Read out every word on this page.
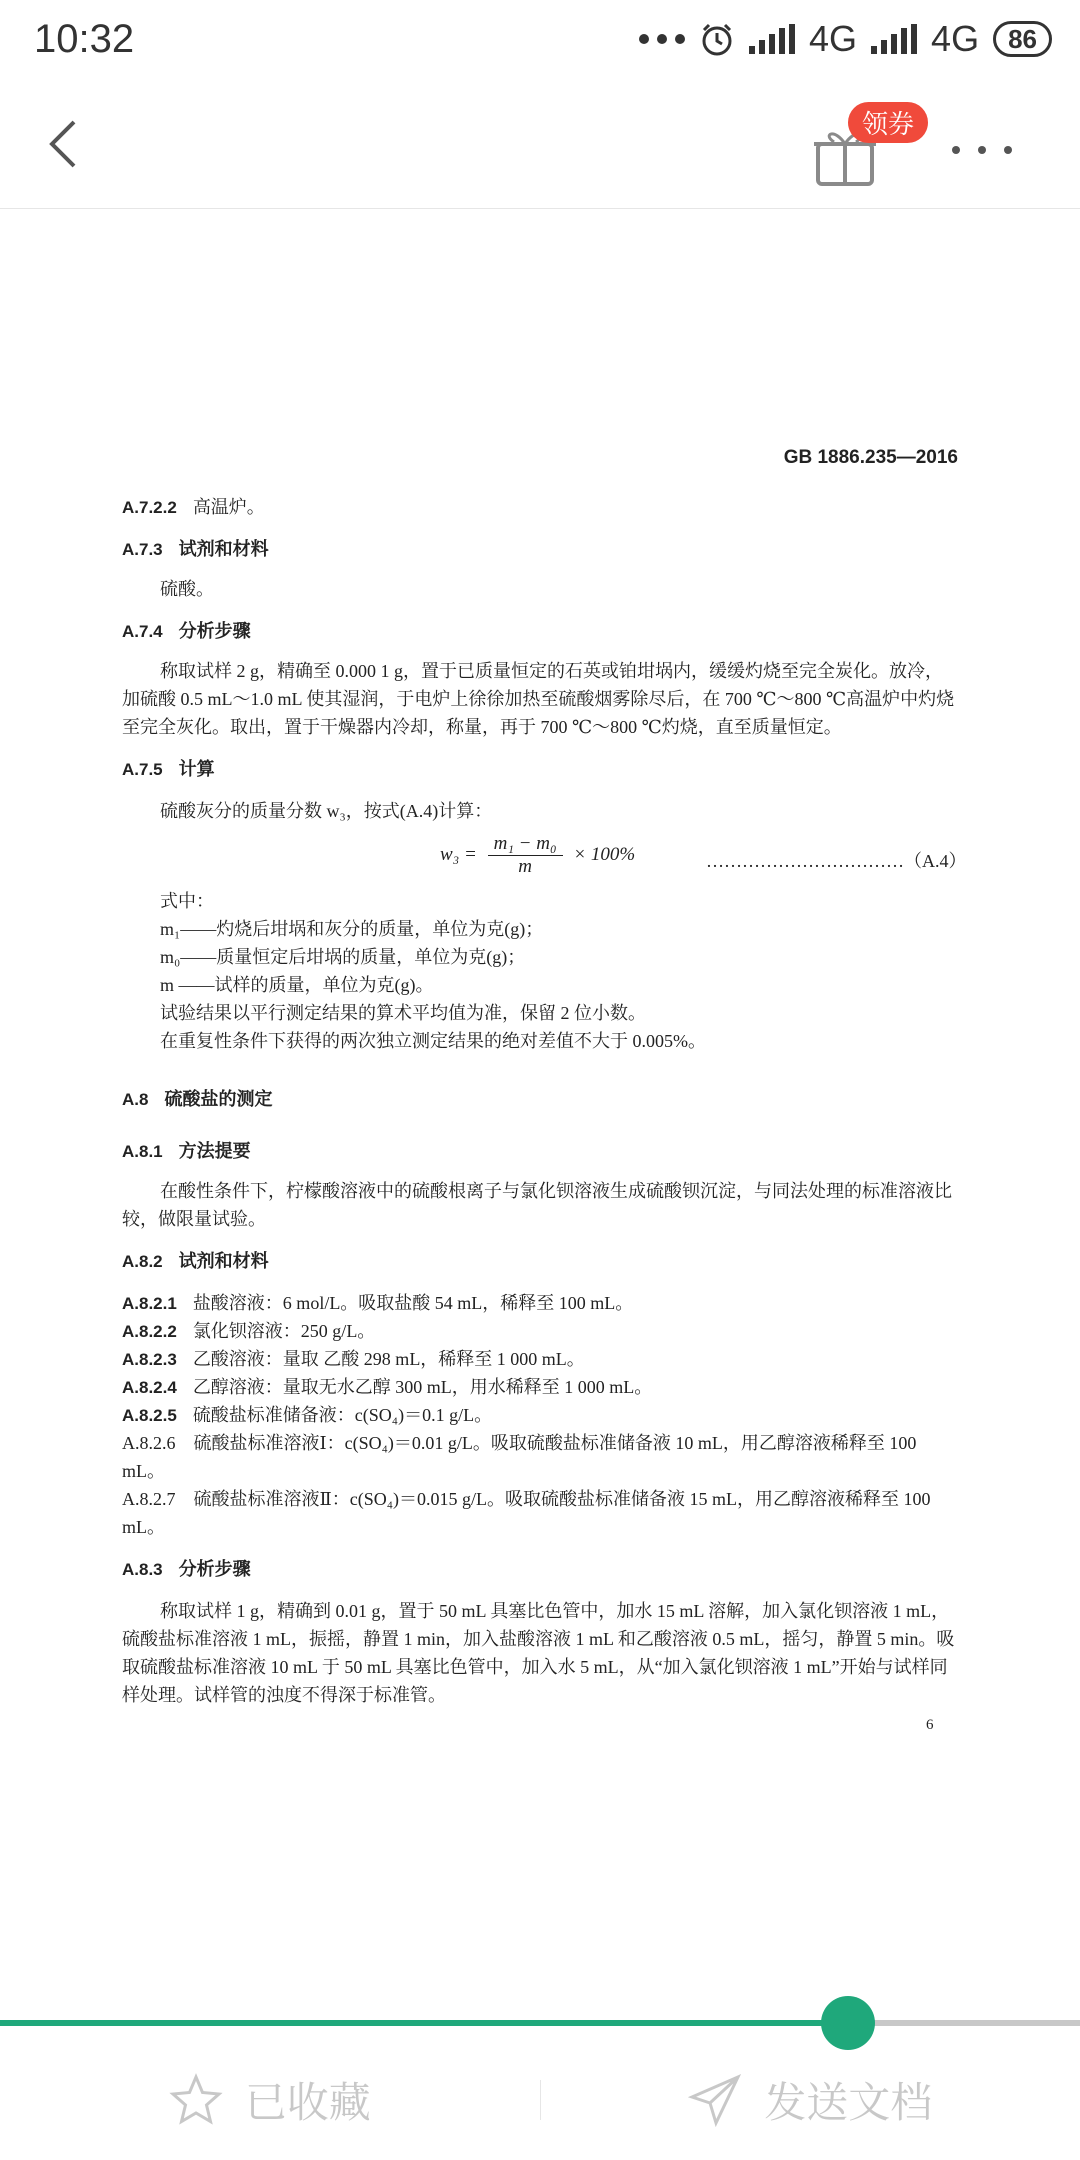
10:32	4G 4G	86
领券
GB 1886.235—2016
A.7.2.2 高温炉。
A.7.3 试剂和材料
硫酸。
A.7.4 分析步骤
称取试样 2 g，精确至 0.000 1 g，置于已质量恒定的石英或铂坩埚内，缓缓灼烧至完全炭化。放冷，加硫酸 0.5 mL～1.0 mL 使其湿润，于电炉上徐徐加热至硫酸烟雾除尽后，在 700 ℃～800 ℃高温炉中灼烧至完全灰化。取出，置于干燥器内冷却，称量，再于 700 ℃～800 ℃灼烧，直至质量恒定。
A.7.5 计算
硫酸灰分的质量分数 w₃，按式(A.4)计算：
式中：
m₁——灼烧后坩埚和灰分的质量，单位为克(g)；
m₀——质量恒定后坩埚的质量，单位为克(g)；
m ——试样的质量，单位为克(g)。
试验结果以平行测定结果的算术平均值为准，保留 2 位小数。
在重复性条件下获得的两次独立测定结果的绝对差值不大于 0.005%。
A.8 硫酸盐的测定
A.8.1 方法提要
在酸性条件下，柠檬酸溶液中的硫酸根离子与氯化钡溶液生成硫酸钡沉淀，与同法处理的标准溶液比较，做限量试验。
A.8.2 试剂和材料
A.8.2.1 盐酸溶液：6 mol/L。吸取盐酸 54 mL，稀释至 100 mL。
A.8.2.2 氯化钡溶液：250 g/L。
A.8.2.3 乙酸溶液：量取 乙酸 298 mL，稀释至 1 000 mL。
A.8.2.4 乙醇溶液：量取无水乙醇 300 mL，用水稀释至 1 000 mL。
A.8.2.5 硫酸盐标准储备液：c(SO₄)＝0.1 g/L。
A.8.2.6　硫酸盐标准溶液Ⅰ：c(SO₄)＝0.01 g/L。吸取硫酸盐标准储备液 10 mL，用乙醇溶液稀释至 100 mL。
A.8.2.7　硫酸盐标准溶液Ⅱ：c(SO₄)＝0.015 g/L。吸取硫酸盐标准储备液 15 mL，用乙醇溶液稀释至 100 mL。
A.8.3 分析步骤
称取试样 1 g，精确到 0.01 g，置于 50 mL 具塞比色管中，加水 15 mL 溶解，加入氯化钡溶液 1 mL，硫酸盐标准溶液 1 mL，振摇，静置 1 min，加入盐酸溶液 1 mL 和乙酸溶液 0.5 mL，摇匀，静置 5 min。吸取硫酸盐标准溶液 10 mL 于 50 mL 具塞比色管中，加入水 5 mL，从“加入氯化钡溶液 1 mL”开始与试样同样处理。试样管的浊度不得深于标准管。
$w_3 = \frac{\text{m₁ − m₀}}{m} \times 100\%$	……………………………（A.4）
6
已收藏	发送文档
